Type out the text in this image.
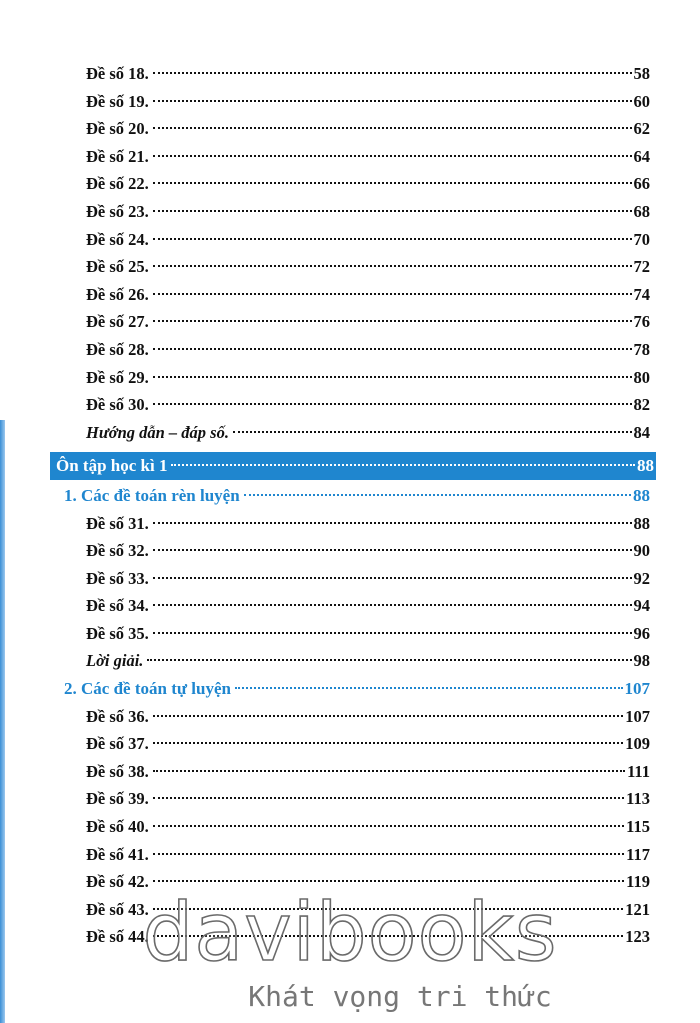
Đề số 18.	58
Đề số 19.	60
Đề số 20.	62
Đề số 21.	64
Đề số 22.	66
Đề số 23.	68
Đề số 24.	70
Đề số 25.	72
Đề số 26.	74
Đề số 27.	76
Đề số 28.	78
Đề số 29.	80
Đề số 30.	82
Hướng dẫn – đáp số.	84
Ôn tập học kì 1	88
1. Các đề toán rèn luyện	88
Đề số 31.	88
Đề số 32.	90
Đề số 33.	92
Đề số 34.	94
Đề số 35.	96
Lời giải.	98
2. Các đề toán tự luyện	107
Đề số 36.	107
Đề số 37.	109
Đề số 38.	111
Đề số 39.	113
Đề số 40.	115
Đề số 41.	117
Đề số 42.	119
Đề số 43.	121
Đề số 44.	123
davibooks
Khát vọng tri thức
